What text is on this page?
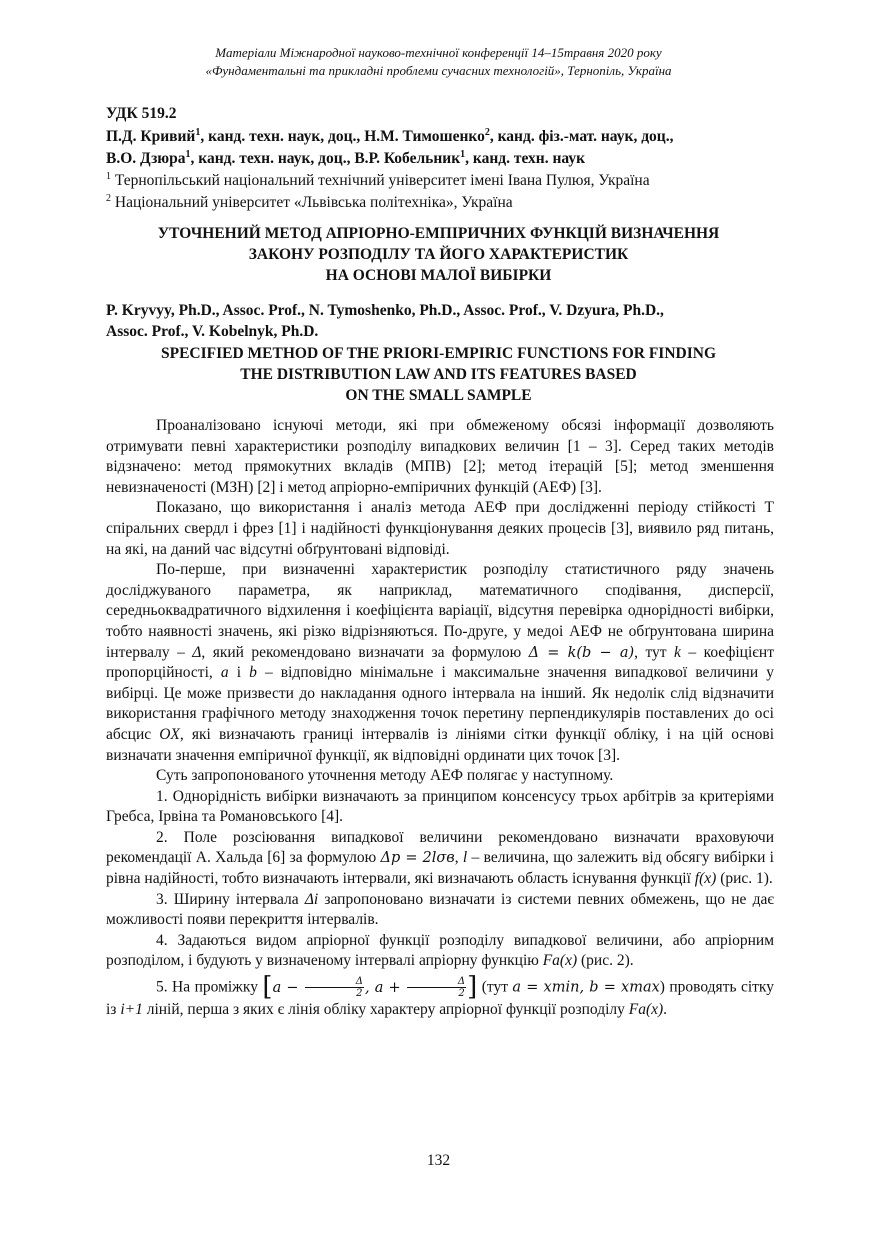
Матеріали Міжнародної науково-технічної конференції 14–15травня 2020 року
«Фундаментальні та прикладні проблеми сучасних технологій», Тернопіль, Україна
УДК 519.2
П.Д. Кривий$^1$, канд. техн. наук, доц., Н.М. Тимошенко$^2$, канд. фіз.-мат. наук, доц.,
В.О. Дзюра$^1$, канд. техн. наук, доц., В.Р. Кобельник$^1$, канд. техн. наук
$^1$ Тернопільський національний технічний університет імені Івана Пулюя, Україна
$^2$ Національний університет «Львівська політехніка», Україна
УТОЧНЕНИЙ МЕТОД АПРІОРНО-ЕМПІРИЧНИХ ФУНКЦІЙ ВИЗНАЧЕННЯ
ЗАКОНУ РОЗПОДІЛУ ТА ЙОГО ХАРАКТЕРИСТИК
НА ОСНОВІ МАЛОЇ ВИБІРКИ
P. Kryvyy, Ph.D., Assoc. Prof., N. Tymoshenko, Ph.D., Assoc. Prof., V. Dzyura, Ph.D.,
Assoc. Prof., V. Kobelnyk, Ph.D.
SPECIFIED METHOD OF THE PRIORI-EMPIRIC FUNCTIONS FOR FINDING
THE DISTRIBUTION LAW AND ITS FEATURES BASED
ON THE SMALL SAMPLE

Проаналізовано існуючі методи, які при обмеженому обсязі інформації дозволяють отримувати певні характеристики розподілу випадкових величин [1 – 3]. Серед таких методів відзначено: метод прямокутних вкладів (МПВ) [2]; метод ітерацій [5]; метод зменшення невизначеності (МЗН) [2] і метод апріорно-емпіричних функцій (АЕФ) [3].

Показано, що використання і аналіз метода АЕФ при дослідженні періоду стійкості Т спіральних свердл і фрез [1] і надійності функціонування деяких процесів [3], виявило ряд питань, на які, на даний час відсутні обґрунтовані відповіді.

По-перше, при визначенні характеристик розподілу статистичного ряду значень досліджуваного параметра, як наприклад, математичного сподівання, дисперсії, середньоквадратичного відхилення і коефіцієнта варіації, відсутня перевірка однорідності вибірки, тобто наявності значень, які різко відрізняються. По-друге, у медоі АЕФ не обґрунтована ширина інтервалу – Δ, який рекомендовано визначати за формулою Δ = k(b − a), тут k – коефіцієнт пропорційності, a і b – відповідно мінімальне і максимальне значення випадкової величини у вибірці. Це може призвести до накладання одного інтервала на інший. Як недолік слід відзначити використання графічного методу знаходження точок перетину перпендикулярів поставлених до осі абсцис OX, які визначають границі інтервалів із лініями сітки функції обліку, і на цій основі визначати значення емпіричної функції, як відповідні ординати цих точок [3].

Суть запропонованого уточнення методу АЕФ полягає у наступному.

1. Однорідність вибірки визначають за принципом консенсусу трьох арбітрів за критеріями Гребса, Ірвіна та Романовського [4].

2. Поле розсіювання випадкової величини рекомендовано визначати враховуючи рекомендації А. Хальда [6] за формулою Δp = 2lσв, l – величина, що залежить від обсягу вибірки і рівна надійності, тобто визначають інтервали, які визначають область існування функції f(x) (рис. 1).

3. Ширину інтервала Δi запропоновано визначати із системи певних обмежень, що не дає можливості появи перекриття інтервалів.

4. Задаються видом апріорної функції розподілу випадкової величини, або апріорним розподілом, і будують у визначеному інтервалі апріорну функцію Fa(x) (рис. 2).

5. На проміжку [$a - \frac{\Delta}{2}$ , $a + \frac{\Delta}{2}$ ] (тут a = xmin, b = xmax) проводять сітку із i+1 ліній, перша з яких є лінія обліку характеру апріорної функції розподілу Fa(x).

132
